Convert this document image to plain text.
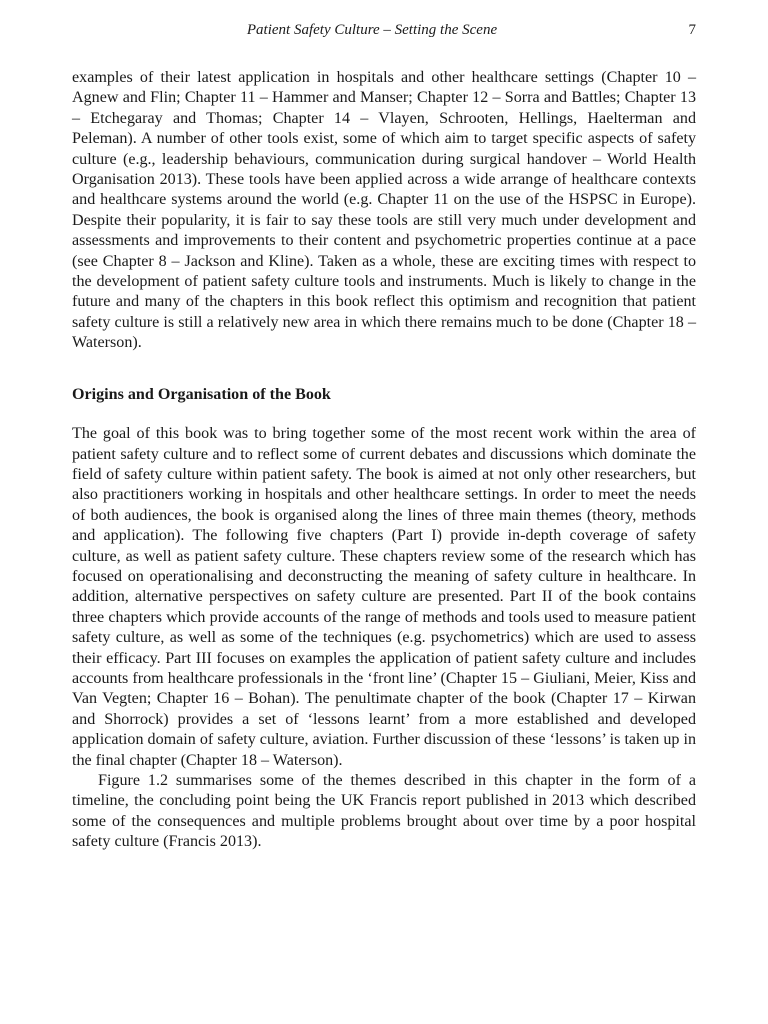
Patient Safety Culture – Setting the Scene	7

examples of their latest application in hospitals and other healthcare settings (Chapter 10 – Agnew and Flin; Chapter 11 – Hammer and Manser; Chapter 12 – Sorra and Battles; Chapter 13 – Etchegaray and Thomas; Chapter 14 – Vlayen, Schrooten, Hellings, Haelterman and Peleman). A number of other tools exist, some of which aim to target specific aspects of safety culture (e.g., leadership behaviours, communication during surgical handover – World Health Organisation 2013). These tools have been applied across a wide arrange of healthcare contexts and healthcare systems around the world (e.g. Chapter 11 on the use of the HSPSC in Europe). Despite their popularity, it is fair to say these tools are still very much under development and assessments and improvements to their content and psychometric properties continue at a pace (see Chapter 8 – Jackson and Kline). Taken as a whole, these are exciting times with respect to the development of patient safety culture tools and instruments. Much is likely to change in the future and many of the chapters in this book reflect this optimism and recognition that patient safety culture is still a relatively new area in which there remains much to be done (Chapter 18 – Waterson).

Origins and Organisation of the Book

The goal of this book was to bring together some of the most recent work within the area of patient safety culture and to reflect some of current debates and discussions which dominate the field of safety culture within patient safety. The book is aimed at not only other researchers, but also practitioners working in hospitals and other healthcare settings. In order to meet the needs of both audiences, the book is organised along the lines of three main themes (theory, methods and application). The following five chapters (Part I) provide in-depth coverage of safety culture, as well as patient safety culture. These chapters review some of the research which has focused on operationalising and deconstructing the meaning of safety culture in healthcare. In addition, alternative perspectives on safety culture are presented. Part II of the book contains three chapters which provide accounts of the range of methods and tools used to measure patient safety culture, as well as some of the techniques (e.g. psychometrics) which are used to assess their efficacy. Part III focuses on examples the application of patient safety culture and includes accounts from healthcare professionals in the ‘front line’ (Chapter 15 – Giuliani, Meier, Kiss and Van Vegten; Chapter 16 – Bohan). The penultimate chapter of the book (Chapter 17 – Kirwan and Shorrock) provides a set of ‘lessons learnt’ from a more established and developed application domain of safety culture, aviation. Further discussion of these ‘lessons’ is taken up in the final chapter (Chapter 18 – Waterson).

Figure 1.2 summarises some of the themes described in this chapter in the form of a timeline, the concluding point being the UK Francis report published in 2013 which described some of the consequences and multiple problems brought about over time by a poor hospital safety culture (Francis 2013).
